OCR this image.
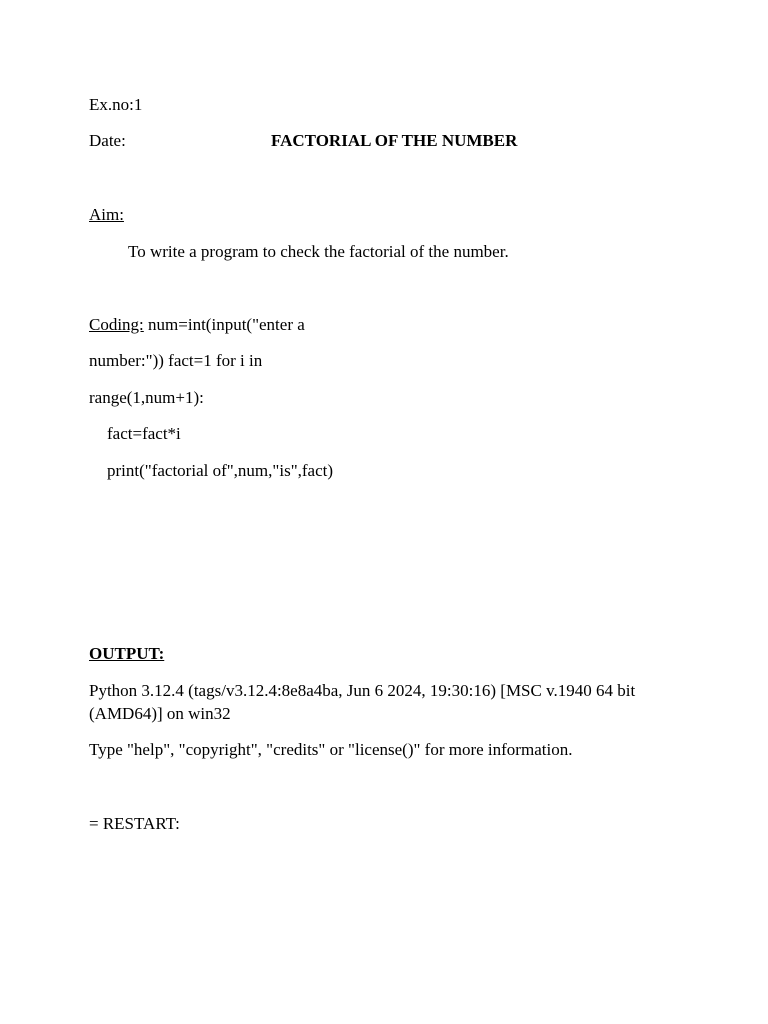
Ex.no:1
Date:	FACTORIAL OF THE NUMBER
Aim:
To write a program to check the factorial of the number.
Coding: num=int(input("enter a
number:")) fact=1 for i in
range(1,num+1):
fact=fact*i
print("factorial of",num,"is",fact)
OUTPUT:
Python 3.12.4 (tags/v3.12.4:8e8a4ba, Jun 6 2024, 19:30:16) [MSC v.1940 64 bit (AMD64)] on win32
Type "help", "copyright", "credits" or "license()" for more information.
= RESTART:
